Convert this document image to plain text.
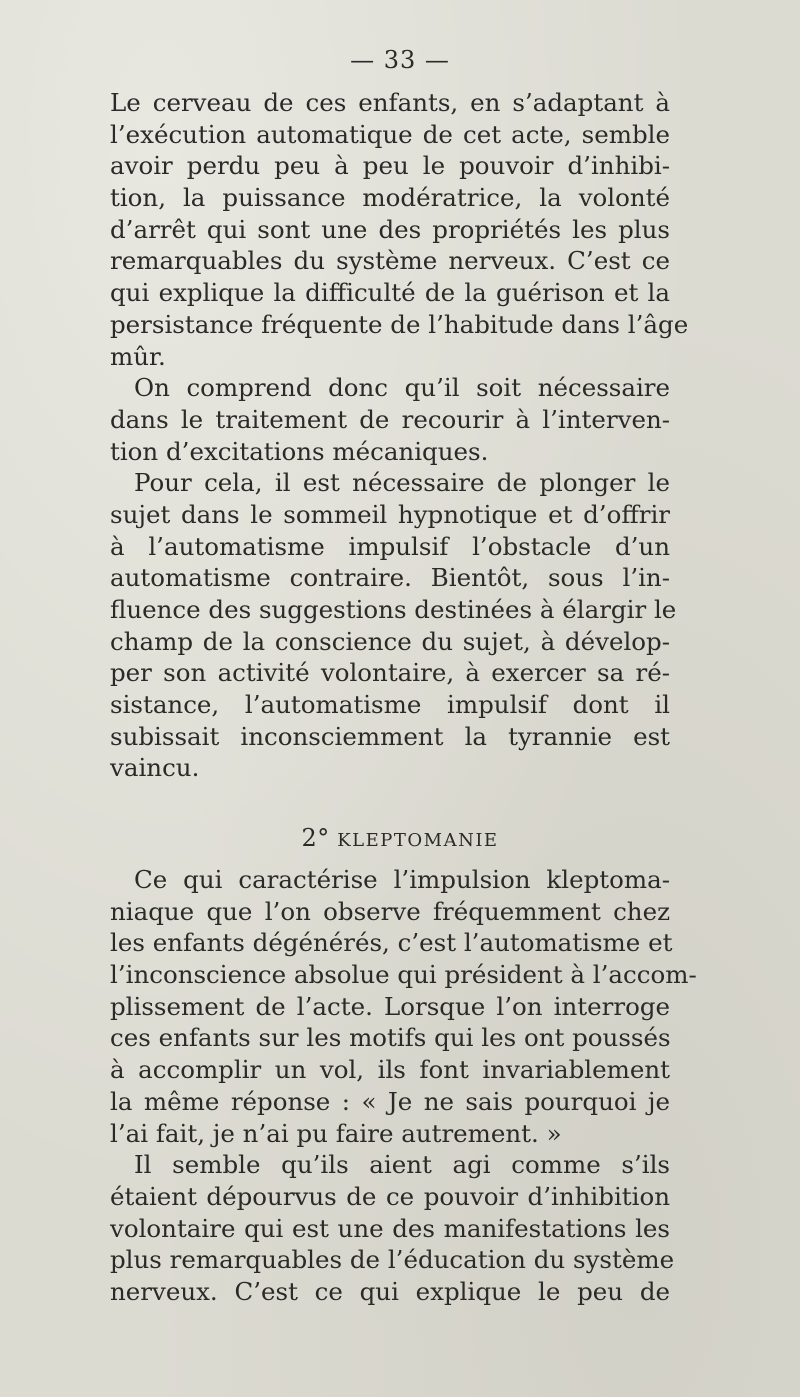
— 33 —
Le cerveau de ces enfants, en s’adaptant à
l’exécution automatique de cet acte, semble
avoir perdu peu à peu le pouvoir d’inhibi-
tion, la puissance modératrice, la volonté
d’arrêt qui sont une des propriétés les plus
remarquables du système nerveux. C’est ce
qui explique la difficulté de la guérison et la
persistance fréquente de l’habitude dans l’âge
mûr.
On comprend donc qu’il soit nécessaire
dans le traitement de recourir à l’interven-
tion d’excitations mécaniques.
Pour cela, il est nécessaire de plonger le
sujet dans le sommeil hypnotique et d’offrir
à l’automatisme impulsif l’obstacle d’un
automatisme contraire. Bientôt, sous l’in-
fluence des suggestions destinées à élargir le
champ de la conscience du sujet, à dévelop-
per son activité volontaire, à exercer sa ré-
sistance, l’automatisme impulsif dont il
subissait inconsciemment la tyrannie est
vaincu.
2° KLEPTOMANIE
Ce qui caractérise l’impulsion kleptoma-
niaque que l’on observe fréquemment chez
les enfants dégénérés, c’est l’automatisme et
l’inconscience absolue qui président à l’accom-
plissement de l’acte. Lorsque l’on interroge
ces enfants sur les motifs qui les ont poussés
à accomplir un vol, ils font invariablement
la même réponse : « Je ne sais pourquoi je
l’ai fait, je n’ai pu faire autrement. »
Il semble qu’ils aient agi comme s’ils
étaient dépourvus de ce pouvoir d’inhibition
volontaire qui est une des manifestations les
plus remarquables de l’éducation du système
nerveux. C’est ce qui explique le peu de
